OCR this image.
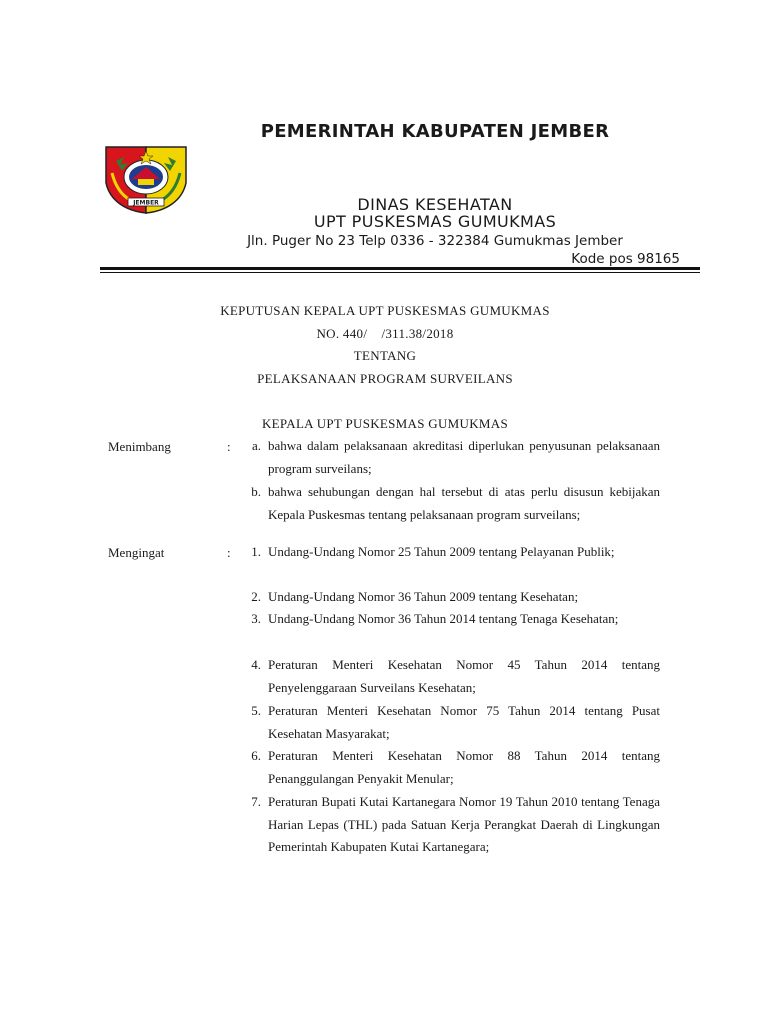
JEMBER
PEMERINTAH KABUPATEN JEMBER
DINAS KESEHATAN
UPT PUSKESMAS GUMUKMAS
Jln. Puger No 23 Telp 0336 - 322384 Gumukmas Jember
Kode pos 98165
KEPUTUSAN KEPALA UPT PUSKESMAS GUMUKMAS
NO. 440/    /311.38/2018
TENTANG
PELAKSANAAN PROGRAM SURVEILANS
KEPALA UPT PUSKESMAS GUMUKMAS
Menimbang	:	a. bahwa dalam pelaksanaan akreditasi diperlukan penyusunan pelaksanaan program surveilans;
b. bahwa sehubungan dengan hal tersebut di atas perlu disusun kebijakan Kepala Puskesmas tentang pelaksanaan program surveilans;
Mengingat	:	1. Undang-Undang Nomor 25 Tahun 2009 tentang Pelayanan Publik;
2. Undang-Undang Nomor 36 Tahun 2009 tentang Kesehatan;
3. Undang-Undang Nomor 36 Tahun 2014 tentang Tenaga Kesehatan;
4. Peraturan Menteri Kesehatan Nomor 45 Tahun 2014 tentang Penyelenggaraan Surveilans Kesehatan;
5. Peraturan Menteri Kesehatan Nomor 75 Tahun 2014 tentang Pusat Kesehatan Masyarakat;
6. Peraturan Menteri Kesehatan Nomor 88 Tahun 2014 tentang Penanggulangan Penyakit Menular;
7. Peraturan Bupati Kutai Kartanegara Nomor 19 Tahun 2010 tentang Tenaga Harian Lepas (THL) pada Satuan Kerja Perangkat Daerah di Lingkungan Pemerintah Kabupaten Kutai Kartanegara;
